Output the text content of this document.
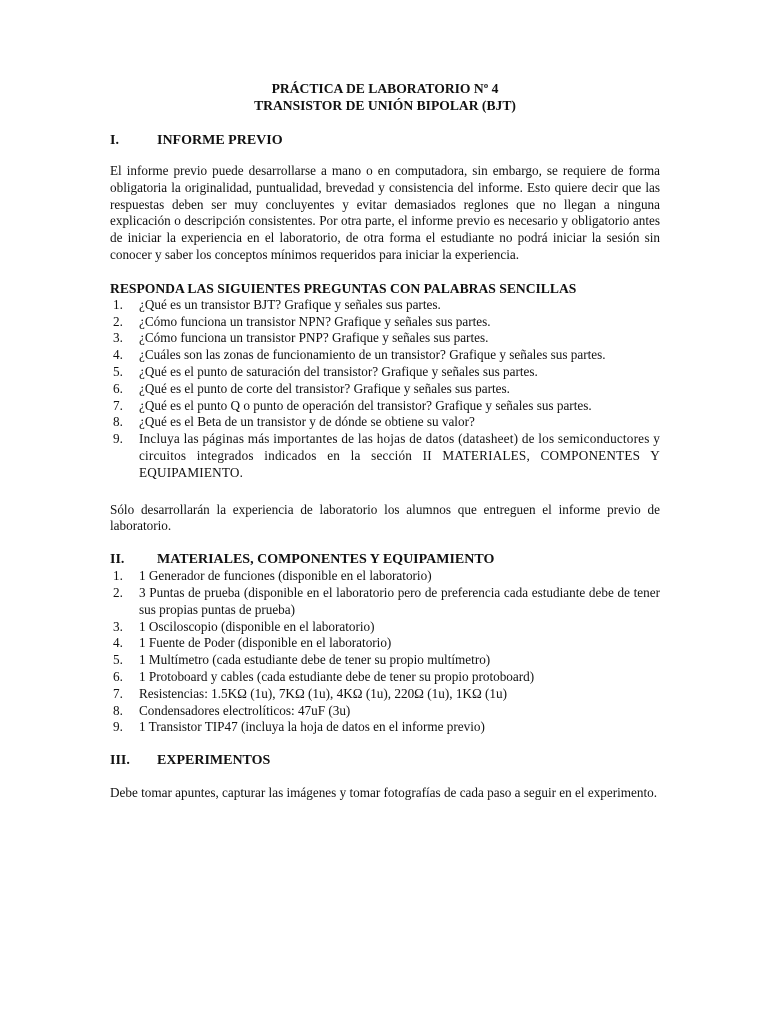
PRÁCTICA DE LABORATORIO Nº 4
TRANSISTOR DE UNIÓN BIPOLAR (BJT)
I.	INFORME PREVIO

El informe previo puede desarrollarse a mano o en computadora, sin embargo, se requiere de forma obligatoria la originalidad, puntualidad, brevedad y consistencia del informe. Esto quiere decir que las respuestas deben ser muy concluyentes y evitar demasiados reglones que no llegan a ninguna explicación o descripción consistentes. Por otra parte, el informe previo es necesario y obligatorio antes de iniciar la experiencia en el laboratorio, de otra forma el estudiante no podrá iniciar la sesión sin conocer y saber los conceptos mínimos requeridos para iniciar la experiencia.

RESPONDA LAS SIGUIENTES PREGUNTAS CON PALABRAS SENCILLAS
1. ¿Qué es un transistor BJT? Grafique y señales sus partes.
2. ¿Cómo funciona un transistor NPN? Grafique y señales sus partes.
3. ¿Cómo funciona un transistor PNP? Grafique y señales sus partes.
4. ¿Cuáles son las zonas de funcionamiento de un transistor? Grafique y señales sus partes.
5. ¿Qué es el punto de saturación del transistor? Grafique y señales sus partes.
6. ¿Qué es el punto de corte del transistor? Grafique y señales sus partes.
7. ¿Qué es el punto Q o punto de operación del transistor? Grafique y señales sus partes.
8. ¿Qué es el Beta de un transistor y de dónde se obtiene su valor?
9. Incluya las páginas más importantes de las hojas de datos (datasheet) de los semiconductores y circuitos integrados indicados en la sección II MATERIALES, COMPONENTES Y EQUIPAMIENTO.

Sólo desarrollarán la experiencia de laboratorio los alumnos que entreguen el informe previo de laboratorio.

II.	MATERIALES, COMPONENTES Y EQUIPAMIENTO
1. 1 Generador de funciones (disponible en el laboratorio)
2. 3 Puntas de prueba (disponible en el laboratorio pero de preferencia cada estudiante debe de tener sus propias puntas de prueba)
3. 1 Osciloscopio (disponible en el laboratorio)
4. 1 Fuente de Poder (disponible en el laboratorio)
5. 1 Multímetro (cada estudiante debe de tener su propio multímetro)
6. 1 Protoboard y cables (cada estudiante debe de tener su propio protoboard)
7. Resistencias: 1.5KΩ (1u), 7KΩ (1u), 4KΩ (1u), 220Ω (1u), 1KΩ (1u)
8. Condensadores electrolíticos: 47uF (3u)
9. 1 Transistor TIP47 (incluya la hoja de datos en el informe previo)
III.	EXPERIMENTOS

Debe tomar apuntes, capturar las imágenes y tomar fotografías de cada paso a seguir en el experimento.
